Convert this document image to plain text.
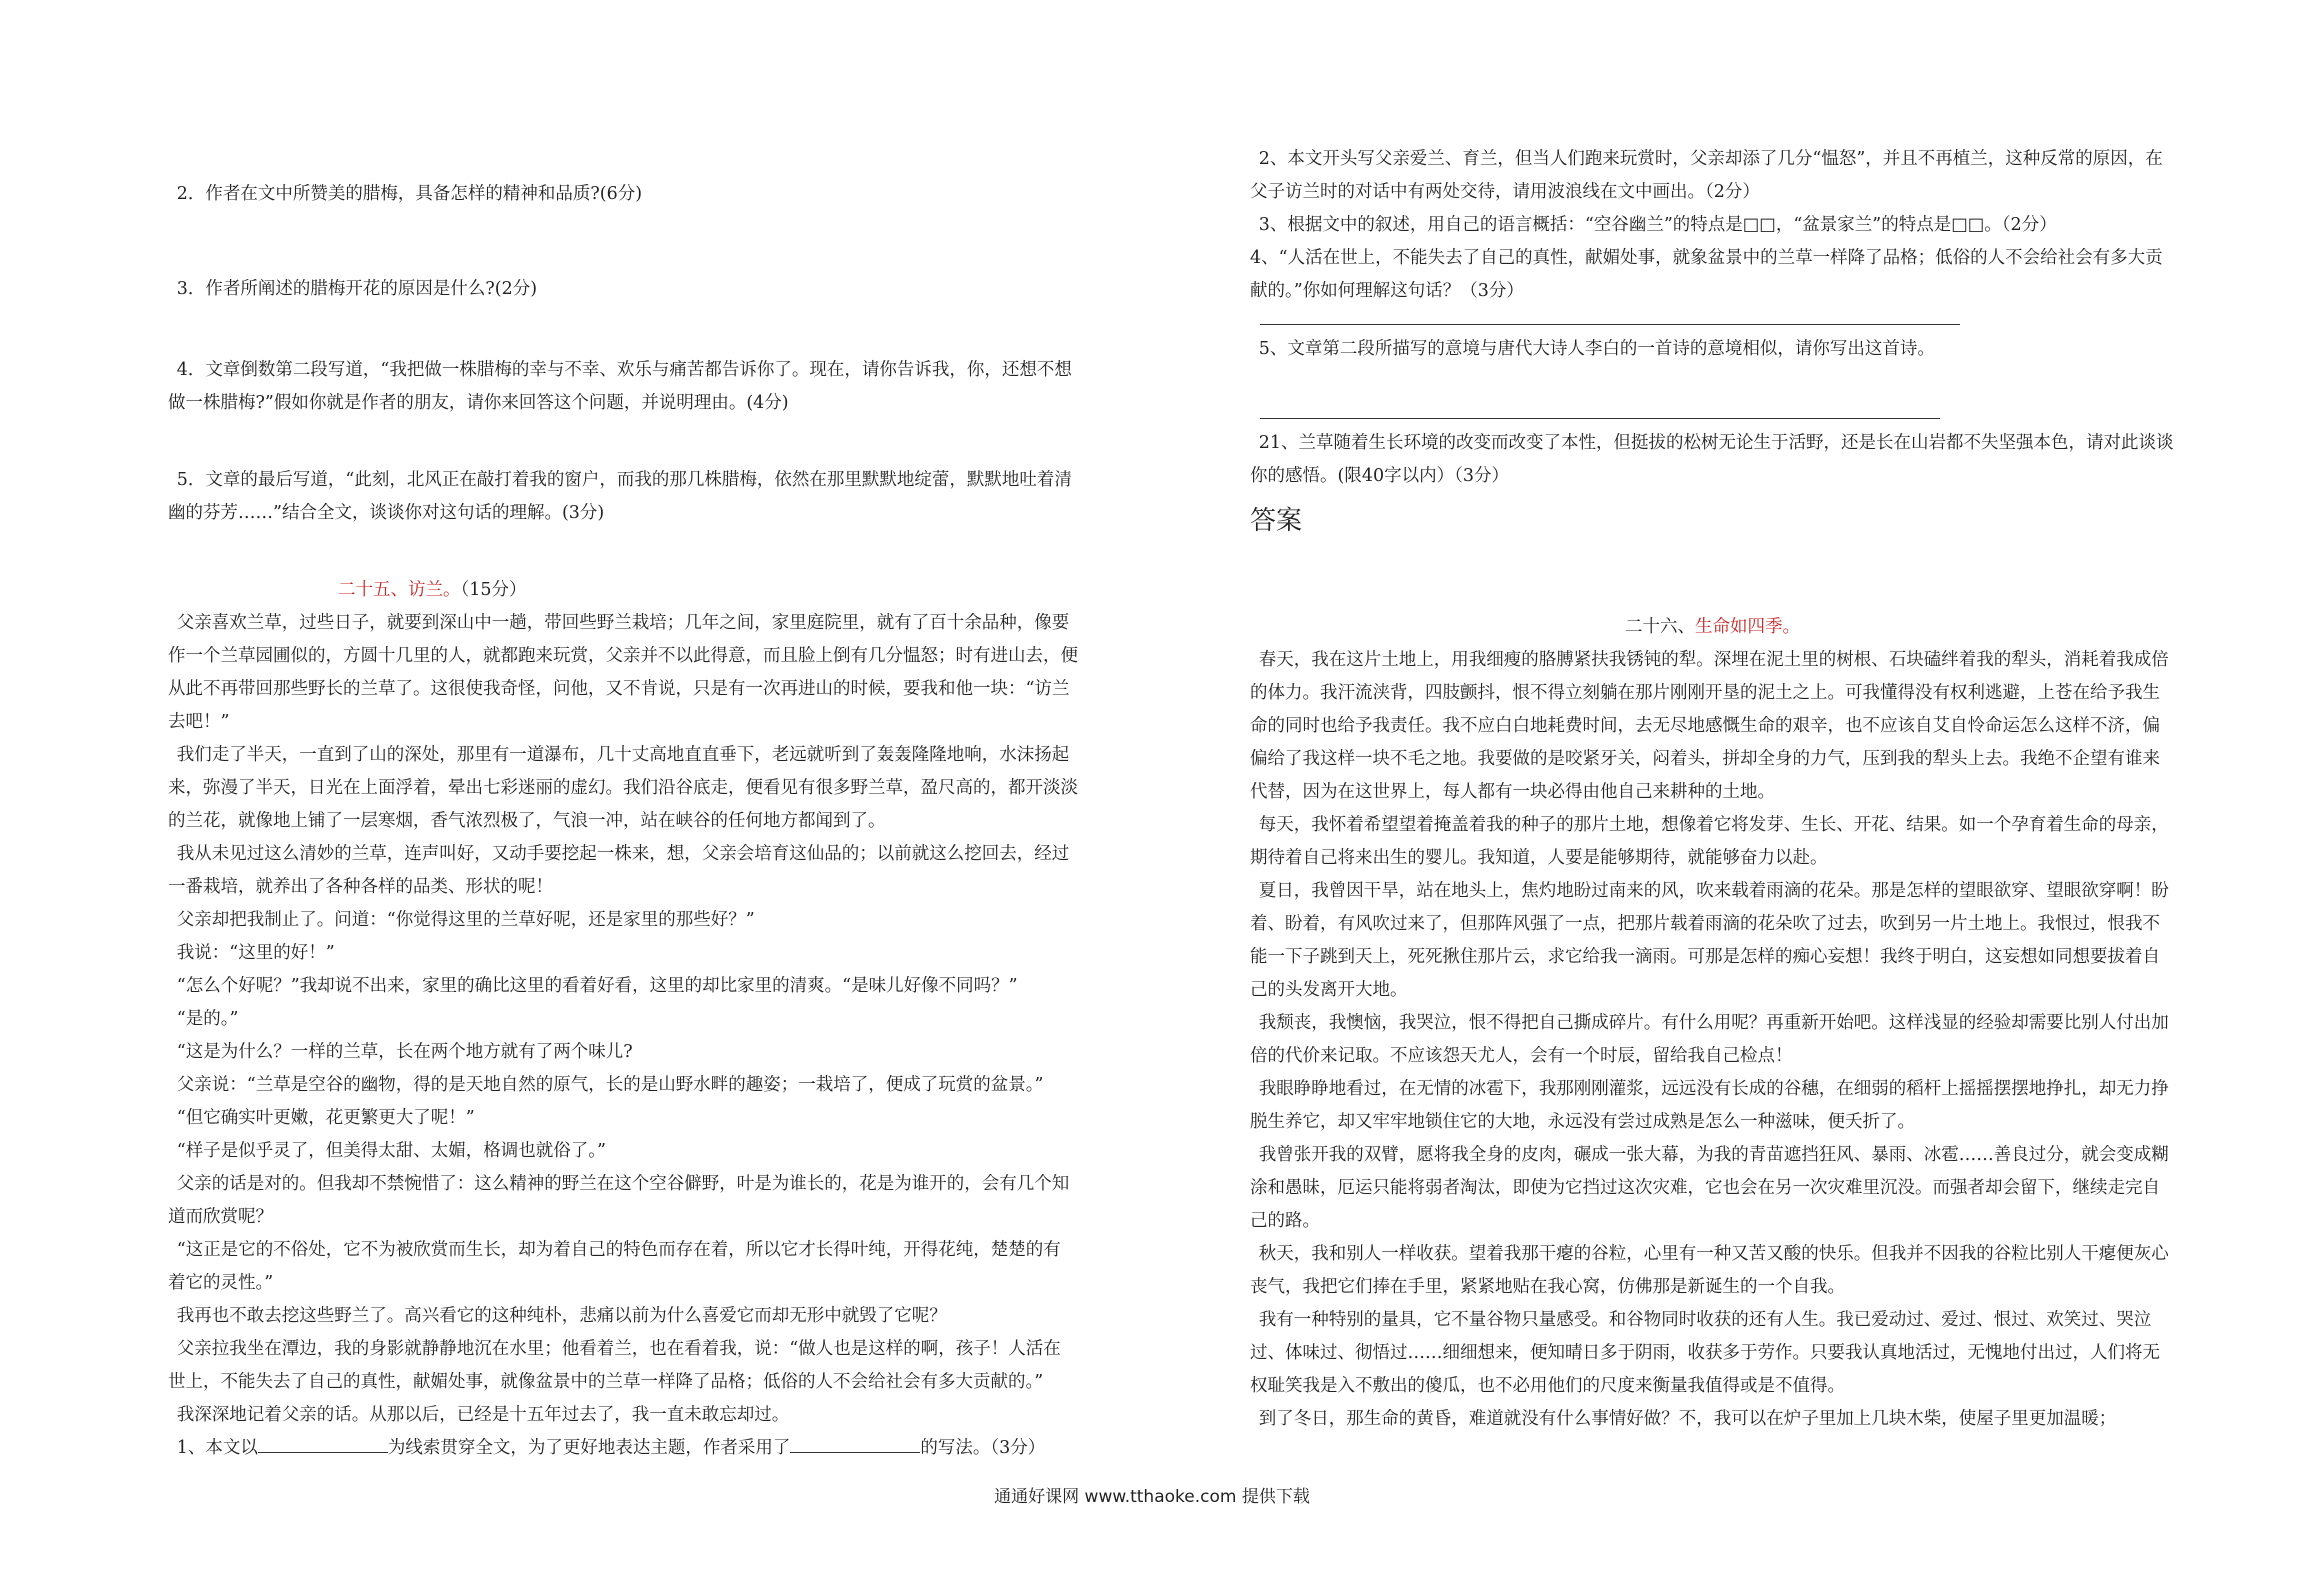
2．作者在文中所赞美的腊梅，具备怎样的精神和品质?(6分)

3．作者所阐述的腊梅开花的原因是什么?(2分)

4．文章倒数第二段写道，“我把做一株腊梅的幸与不幸、欢乐与痛苦都告诉你了。现在，请你告诉我，你，还想不想做一株腊梅?”假如你就是作者的朋友，请你来回答这个问题，并说明理由。(4分)

5．文章的最后写道，“此刻，北风正在敲打着我的窗户，而我的那几株腊梅，依然在那里默默地绽蕾，默默地吐着清幽的芬芳……”结合全文，谈谈你对这句话的理解。(3分)

二十五、访兰。（15分）

父亲喜欢兰草，过些日子，就要到深山中一趟，带回些野兰栽培；几年之间，家里庭院里，就有了百十余品种，像要作一个兰草园圃似的，方圆十几里的人，就都跑来玩赏，父亲并不以此得意，而且脸上倒有几分愠怒；时有进山去，便从此不再带回那些野长的兰草了。这很使我奇怪，问他，又不肯说，只是有一次再进山的时候，要我和他一块：“访兰去吧！”

我们走了半天，一直到了山的深处，那里有一道瀑布，几十丈高地直直垂下，老远就听到了轰轰隆隆地响，水沫扬起来，弥漫了半天，日光在上面浮着，晕出七彩迷丽的虚幻。我们沿谷底走，便看见有很多野兰草，盈尺高的，都开淡淡的兰花，就像地上铺了一层寒烟，香气浓烈极了，气浪一冲，站在峡谷的任何地方都闻到了。

我从未见过这么清妙的兰草，连声叫好，又动手要挖起一株来，想，父亲会培育这仙品的；以前就这么挖回去，经过一番栽培，就养出了各种各样的品类、形状的呢！

父亲却把我制止了。问道：“你觉得这里的兰草好呢，还是家里的那些好？”

我说：“这里的好！”

“怎么个好呢？”我却说不出来，家里的确比这里的看着好看，这里的却比家里的清爽。“是味儿好像不同吗？”

“是的。”

“这是为什么？一样的兰草，长在两个地方就有了两个味儿?

父亲说：“兰草是空谷的幽物，得的是天地自然的原气，长的是山野水畔的趣姿；一栽培了，便成了玩赏的盆景。”

“但它确实叶更嫩，花更繁更大了呢！”

“样子是似乎灵了，但美得太甜、太媚，格调也就俗了。”

父亲的话是对的。但我却不禁惋惜了：这么精神的野兰在这个空谷僻野，叶是为谁长的，花是为谁开的，会有几个知道而欣赏呢？

“这正是它的不俗处，它不为被欣赏而生长，却为着自己的特色而存在着，所以它才长得叶纯，开得花纯，楚楚的有着它的灵性。”

我再也不敢去挖这些野兰了。高兴看它的这种纯朴，悲痛以前为什么喜爱它而却无形中就毁了它呢？

父亲拉我坐在潭边，我的身影就静静地沉在水里；他看着兰，也在看着我，说：“做人也是这样的啊，孩子！人活在世上，不能失去了自己的真性，献媚处事，就像盆景中的兰草一样降了品格；低俗的人不会给社会有多大贡献的。”

我深深地记着父亲的话。从那以后，已经是十五年过去了，我一直未敢忘却过。

1、本文以	为线索贯穿全文，为了更好地表达主题，作者采用了	的写法。（3分）

2、本文开头写父亲爱兰、育兰，但当人们跑来玩赏时，父亲却添了几分“愠怒”，并且不再植兰，这种反常的原因，在父子访兰时的对话中有两处交待，请用波浪线在文中画出。（2分）

3、根据文中的叙述，用自己的语言概括：“空谷幽兰”的特点是□□，“盆景家兰”的特点是□□。（2分）

4、“人活在世上，不能失去了自己的真性，献媚处事，就象盆景中的兰草一样降了品格；低俗的人不会给社会有多大贡献的。”你如何理解这句话？（3分）

5、文章第二段所描写的意境与唐代大诗人李白的一首诗的意境相似，请你写出这首诗。

21、兰草随着生长环境的改变而改变了本性，但挺拔的松树无论生于活野，还是长在山岩都不失坚强本色，请对此谈谈你的感悟。(限40字以内）（3分）

答案

二十六、生命如四季。

春天，我在这片土地上，用我细瘦的胳膊紧扶我锈钝的犁。深埋在泥土里的树根、石块磕绊着我的犁头，消耗着我成倍的体力。我汗流浃背，四肢颤抖，恨不得立刻躺在那片刚刚开垦的泥土之上。可我懂得没有权利逃避，上苍在给予我生命的同时也给予我责任。我不应白白地耗费时间，去无尽地感慨生命的艰辛，也不应该自艾自怜命运怎么这样不济，偏偏给了我这样一块不毛之地。我要做的是咬紧牙关，闷着头，拼却全身的力气，压到我的犁头上去。我绝不企望有谁来代替，因为在这世界上，每人都有一块必得由他自己来耕种的土地。

每天，我怀着希望望着掩盖着我的种子的那片土地，想像着它将发芽、生长、开花、结果。如一个孕育着生命的母亲，期待着自己将来出生的婴儿。我知道，人要是能够期待，就能够奋力以赴。

夏日，我曾因干旱，站在地头上，焦灼地盼过南来的风，吹来载着雨滴的花朵。那是怎样的望眼欲穿、望眼欲穿啊！盼着、盼着，有风吹过来了，但那阵风强了一点，把那片载着雨滴的花朵吹了过去，吹到另一片土地上。我恨过，恨我不能一下子跳到天上，死死揪住那片云，求它给我一滴雨。可那是怎样的痴心妄想！我终于明白，这妄想如同想要拔着自己的头发离开大地。

我颓丧，我懊恼，我哭泣，恨不得把自己撕成碎片。有什么用呢？再重新开始吧。这样浅显的经验却需要比别人付出加倍的代价来记取。不应该怨天尤人，会有一个时辰，留给我自己检点！

我眼睁睁地看过，在无情的冰雹下，我那刚刚灌浆，远远没有长成的谷穗，在细弱的稻杆上摇摇摆摆地挣扎，却无力挣脱生养它，却又牢牢地锁住它的大地，永远没有尝过成熟是怎么一种滋味，便夭折了。

我曾张开我的双臂，愿将我全身的皮肉，碾成一张大幕，为我的青苗遮挡狂风、暴雨、冰雹……善良过分，就会变成糊涂和愚昧，厄运只能将弱者淘汰，即使为它挡过这次灾难，它也会在另一次灾难里沉没。而强者却会留下，继续走完自己的路。

秋天，我和别人一样收获。望着我那干瘪的谷粒，心里有一种又苦又酸的快乐。但我并不因我的谷粒比别人干瘪便灰心丧气，我把它们捧在手里，紧紧地贴在我心窝，仿佛那是新诞生的一个自我。

我有一种特别的量具，它不量谷物只量感受。和谷物同时收获的还有人生。我已爱动过、爱过、恨过、欢笑过、哭泣过、体味过、彻悟过……细细想来，便知晴日多于阴雨，收获多于劳作。只要我认真地活过，无愧地付出过，人们将无权耻笑我是入不敷出的傻瓜，也不必用他们的尺度来衡量我值得或是不值得。

到了冬日，那生命的黄昏，难道就没有什么事情好做？不，我可以在炉子里加上几块木柴，使屋子里更加温暖；

通通好课网 www.tthaoke.com 提供下载
